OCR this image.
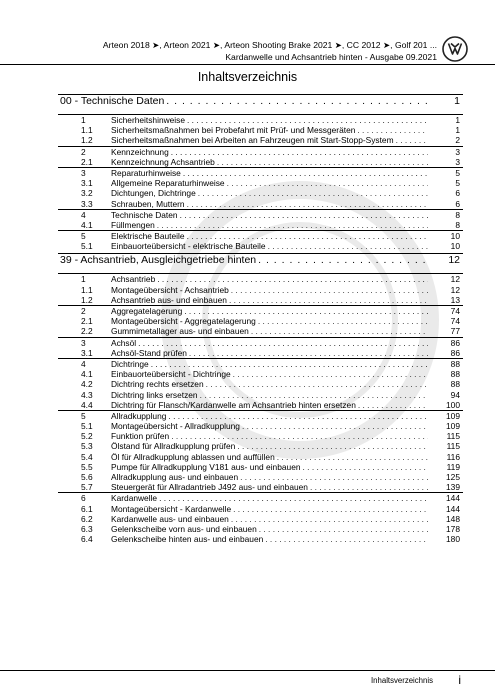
Arteon 2018 ➤, Arteon 2021 ➤, Arteon Shooting Brake 2021 ➤, CC 2012 ➤, Golf 201 ...
Kardanwelle und Achsantrieb hinten - Ausgabe 09.2021
Inhaltsverzeichnis
00 - Technische Daten . . .	1
1	Sicherheitshinweise . . .	1
1.1	Sicherheitsmaßnahmen bei Probefahrt mit Prüf- und Messgeräten . . .	1
1.2	Sicherheitsmaßnahmen bei Arbeiten an Fahrzeugen mit Start-Stopp-System . . .	2
2	Kennzeichnung . . .	3
2.1	Kennzeichnung Achsantrieb . . .	3
3	Reparaturhinweise . . .	5
3.1	Allgemeine Reparaturhinweise . . .	5
3.2	Dichtungen, Dichtringe . . .	6
3.3	Schrauben, Muttern . . .	6
4	Technische Daten . . .	8
4.1	Füllmengen . . .	8
5	Elektrische Bauteile . . .	10
5.1	Einbauorteübersicht - elektrische Bauteile . . .	10
39 - Achsantrieb, Ausgleichgetriebe hinten . . .	12
1	Achsantrieb . . .	12
1.1	Montageübersicht - Achsantrieb . . .	12
1.2	Achsantrieb aus- und einbauen . . .	13
2	Aggregatelagerung . . .	74
2.1	Montageübersicht - Aggregatelagerung . . .	74
2.2	Gummimetallager aus- und einbauen . . .	77
3	Achsöl . . .	86
3.1	Achsöl-Stand prüfen . . .	86
4	Dichtringe . . .	88
4.1	Einbauorteübersicht - Dichtringe . . .	88
4.2	Dichtring rechts ersetzen . . .	88
4.3	Dichtring links ersetzen . . .	94
4.4	Dichtring für Flansch/Kardanwelle am Achsantrieb hinten ersetzen . . .	100
5	Allradkupplung . . .	109
5.1	Montageübersicht - Allradkupplung . . .	109
5.2	Funktion prüfen . . .	115
5.3	Ölstand für Allradkupplung prüfen . . .	115
5.4	Öl für Allradkupplung ablassen und auffüllen . . .	116
5.5	Pumpe für Allradkupplung V181 aus- und einbauen . . .	119
5.6	Allradkupplung aus- und einbauen . . .	125
5.7	Steuergerät für Allradantrieb J492 aus- und einbauen . . .	139
6	Kardanwelle . . .	144
6.1	Montageübersicht - Kardanwelle . . .	144
6.2	Kardanwelle aus- und einbauen . . .	148
6.3	Gelenkscheibe vorn aus- und einbauen . . .	178
6.4	Gelenkscheibe hinten aus- und einbauen . . .	180
Inhaltsverzeichnis i
